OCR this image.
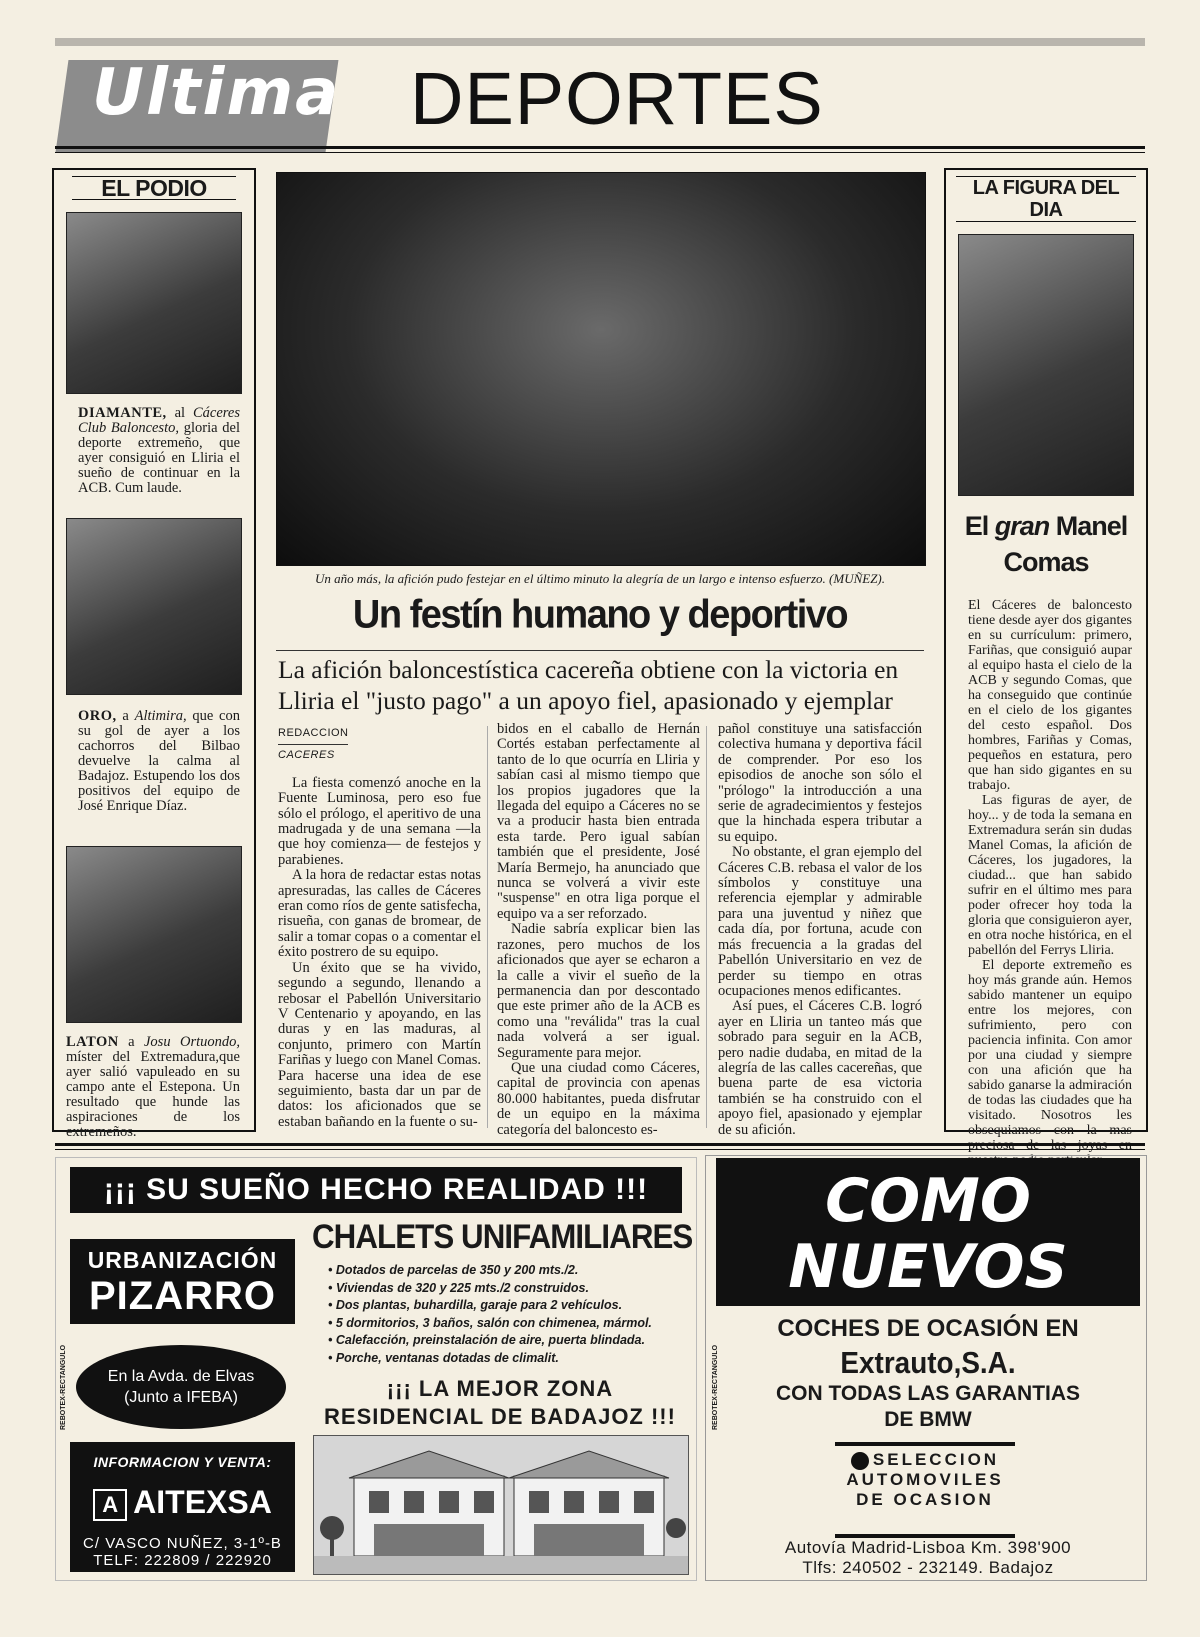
Ultima DEPORTES
EL PODIO
DIAMANTE, al Cáceres Club Baloncesto, gloria del deporte extremeño, que ayer consiguió en Lliria el sueño de continuar en la ACB. Cum laude.
ORO, a Altimira, que con su gol de ayer a los cachorros del Bilbao devuelve la calma al Badajoz. Estupendo los dos positivos del equipo de José Enrique Díaz.
LATON a Josu Ortuondo, míster del Extremadura,que ayer salió vapuleado en su campo ante el Estepona. Un resultado que hunde las aspiraciones de los extremeños.
Un año más, la afición pudo festejar en el último minuto la alegría de un largo e intenso esfuerzo. (MUÑEZ).
Un festín humano y deportivo
La afición baloncestística cacereña obtiene con la victoria en Lliria el "justo pago" a un apoyo fiel, apasionado y ejemplar
REDACCION
CACERES

La fiesta comenzó anoche en la Fuente Luminosa, pero eso fue sólo el prólogo, el aperitivo de una madrugada y de una semana —la que hoy comienza— de festejos y parabienes.

A la hora de redactar estas notas apresuradas, las calles de Cáceres eran como ríos de gente satisfecha, risueña, con ganas de bromear, de salir a tomar copas o a comentar el éxito postrero de su equipo.

Un éxito que se ha vivido, segundo a segundo, llenando a rebosar el Pabellón Universitario V Centenario y apoyando, en las duras y en las maduras, al conjunto, primero con Martín Fariñas y luego con Manel Comas. Para hacerse una idea de ese seguimiento, basta dar un par de datos: los aficionados que se estaban bañando en la fuente o su-

bidos en el caballo de Hernán Cortés estaban perfectamente al tanto de lo que ocurría en Lliria y sabían casi al mismo tiempo que los propios jugadores que la llegada del equipo a Cáceres no se va a producir hasta bien entrada esta tarde. Pero igual sabían también que el presidente, José María Bermejo, ha anunciado que nunca se volverá a vivir este "suspense" en otra liga porque el equipo va a ser reforzado.

Nadie sabría explicar bien las razones, pero muchos de los aficionados que ayer se echaron a la calle a vivir el sueño de la permanencia dan por descontado que este primer año de la ACB es como una "reválida" tras la cual nada volverá a ser igual. Seguramente para mejor.

Que una ciudad como Cáceres, capital de provincia con apenas 80.000 habitantes, pueda disfrutar de un equipo en la máxima categoría del baloncesto es-

pañol constituye una satisfacción colectiva humana y deportiva fácil de comprender. Por eso los episodios de anoche son sólo el "prólogo" la introducción a una serie de agradecimientos y festejos que la hinchada espera tributar a su equipo.

No obstante, el gran ejemplo del Cáceres C.B. rebasa el valor de los símbolos y constituye una referencia ejemplar y admirable para una juventud y niñez que cada día, por fortuna, acude con más frecuencia a la gradas del Pabellón Universitario en vez de perder su tiempo en otras ocupaciones menos edificantes.

Así pues, el Cáceres C.B. logró ayer en Lliria un tanteo más que sobrado para seguir en la ACB, pero nadie dudaba, en mitad de la alegría de las calles cacereñas, que buena parte de esa victoria también se ha construido con el apoyo fiel, apasionado y ejemplar de su afición.

LA FIGURA DEL DIA
El gran Manel Comas

El Cáceres de baloncesto tiene desde ayer dos gigantes en su currículum: primero, Fariñas, que consiguió aupar al equipo hasta el cielo de la ACB y segundo Comas, que ha conseguido que continúe en el cielo de los gigantes del cesto español. Dos hombres, Fariñas y Comas, pequeños en estatura, pero que han sido gigantes en su trabajo.

Las figuras de ayer, de hoy... y de toda la semana en Extremadura serán sin dudas Manel Comas, la afición de Cáceres, los jugadores, la ciudad... que han sabido sufrir en el último mes para poder ofrecer hoy toda la gloria que consiguieron ayer, en otra noche histórica, en el pabellón del Ferrys Lliria.

El deporte extremeño es hoy más grande aún. Hemos sabido mantener un equipo entre los mejores, con sufrimiento, pero con paciencia infinita. Con amor por una ciudad y siempre con una afición que ha sabido ganarse la admiración de todas las ciudades que ha visitado. Nosotros les obsequiamos con la mas

¡¡¡ SU SUEÑO HECHO REALIDAD !!!
URBANIZACIÓN
PIZARRO
CHALETS UNIFAMILIARES
• Dotados de parcelas de 350 y 200 mts./2.
• Viviendas de 320 y 225 mts./2 construidos.
• Dos plantas, buhardilla, garaje para 2 vehículos.
• 5 dormitorios, 3 baños, salón con chimenea, mármol.
• Calefacción, preinstalación de aire, puerta blindada.
• Porche, ventanas dotadas de climalit.
En la Avda. de Elvas
(Junto a IFEBA)	¡¡¡ LA MEJOR ZONA RESIDENCIAL DE BADAJOZ !!!
INFORMACION Y VENTA:
A AITEXSA
C/ VASCO NUÑEZ, 3-1º-B
TELF: 222809 / 222920
REBOTEX-RECTANGULO
COMO
NUEVOS
COCHES DE OCASIÓN EN
Extrauto,S.A.
CON TODAS LAS GARANTIAS
DE BMW
SELECCION
AUTOMOVILES
DE OCASION
Autovía Madrid-Lisboa Km. 398'900
Tlfs: 240502 - 232149. Badajoz
REBOTEX-RECTANGULO
